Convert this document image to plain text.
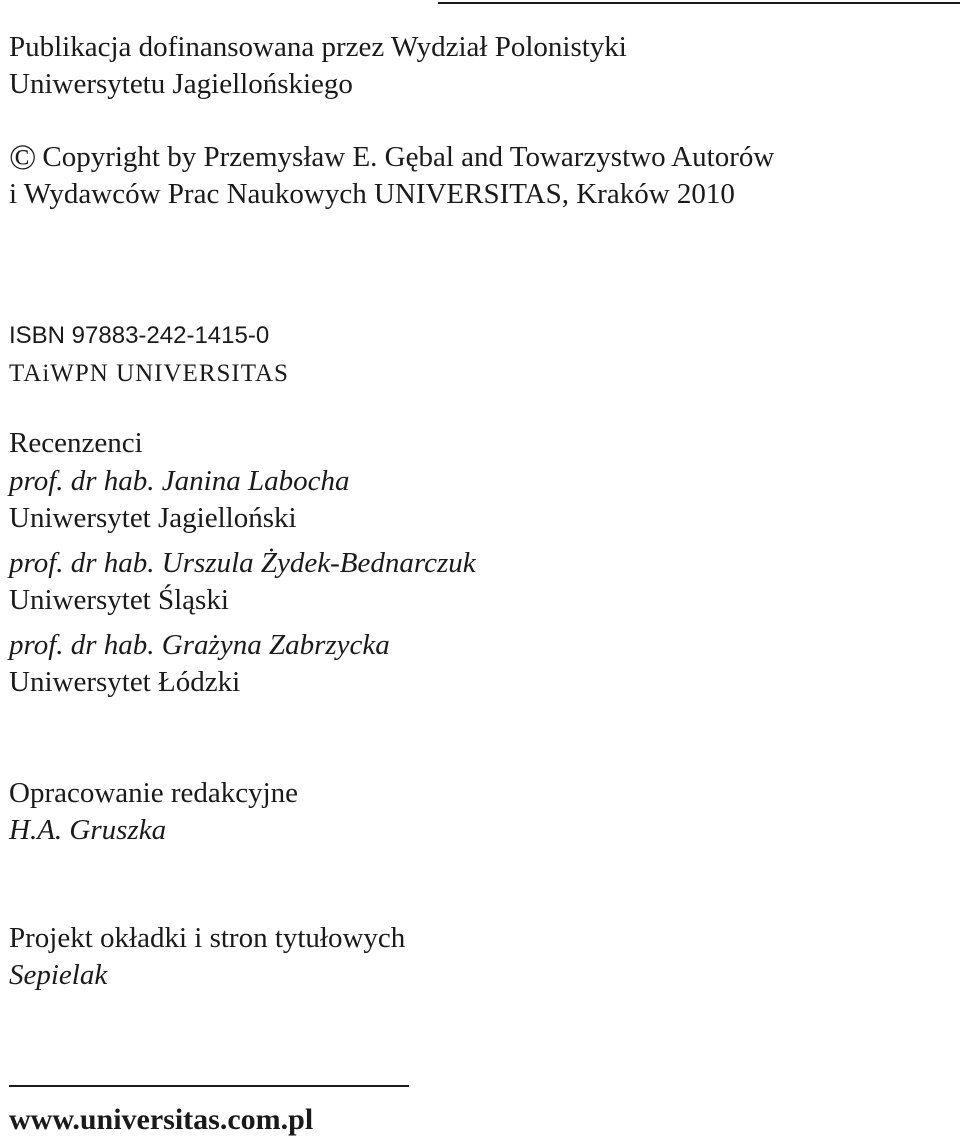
Publikacja dofinansowana przez Wydział Polonistyki
Uniwersytetu Jagiellońskiego
© Copyright by Przemysław E. Gębal and Towarzystwo Autorów
i Wydawców Prac Naukowych UNIVERSITAS, Kraków 2010
ISBN 97883-242-1415-0
TAiWPN UNIVERSITAS
Recenzenci
prof. dr hab. Janina Labocha
Uniwersytet Jagielloński
prof. dr hab. Urszula Żydek-Bednarczuk
Uniwersytet Śląski
prof. dr hab. Grażyna Zabrzycka
Uniwersytet Łódzki
Opracowanie redakcyjne
H.A. Gruszka
Projekt okładki i stron tytułowych
Sepielak
www.universitas.com.pl
